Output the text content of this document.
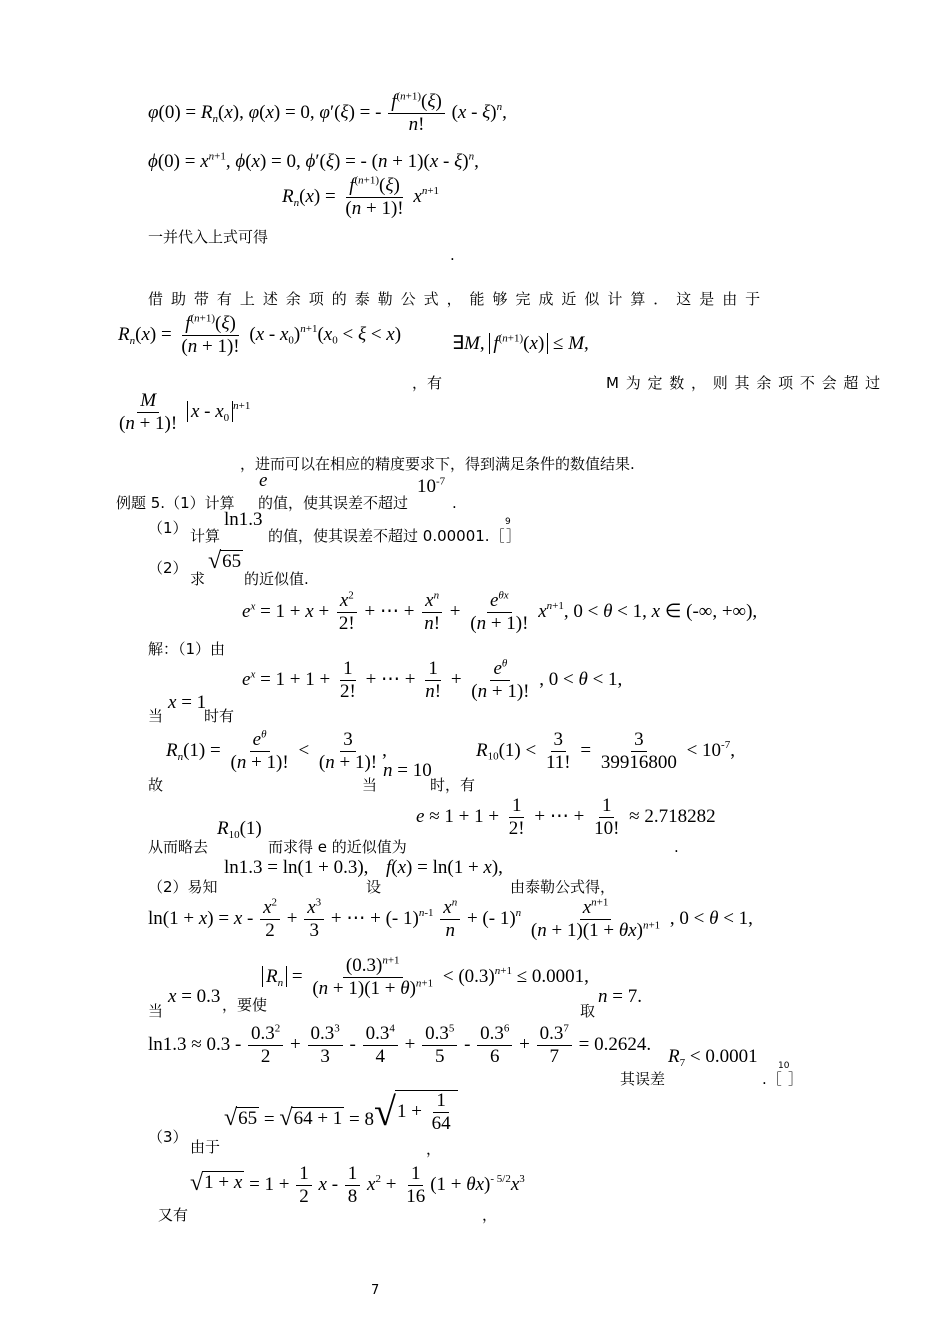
$\varphi(0) = R_n(x)$, φ(x) = 0, φ′(ξ) = - $\frac{f^{(n+1)}(\xi)}{n!} (x - \xi)^n$,
$\phi(0) = x^{n+1}$, ϕ(x) = 0, ϕ′(ξ) = - (n + 1)(x - ξ)$^n$,
$R_n(x) = \frac{f^{(n+1)}(\xi)}{(n + 1)!} x^{n+1}$
一并代入上式可得
.
借 助 带 有 上 述 余 项 的 泰 勒 公 式 ， 能 够 完 成 近 似 计 算 ． 这 是 由 于
$R_n(x) = \frac{f^{(n+1)}(\xi)}{(n + 1)!} (x - x_0)^{n+1}(x_0 < \xi < x)$	∃M, $f^{(n+1)}(x) \le M$,
，有	M 为 定 数 ， 则 其 余 项 不 会 超 过
$\frac{M}{(n + 1)!}$ x - $x_0^{n+1}$
，进而可以在相应的精度要求下，得到满足条件的数值结果.
例题 5.（1）计算
e
的值，使其误差不超过
$10^{-7}$
.
（1） ln1.3
计算	的值，使其误差不超过 0.00001.［
9
］
（2） √ 65
求	的近似值.
$e^x = 1 + x + \frac{x^2}{2!}$ + ⋯ + $\frac{x^n}{n!} + \frac{e^{\theta x}}{(n + 1)!} x^{n+1}$, 0 < θ < 1, x ∈ (-∞, +∞),
解：（1）由
$e^x = 1 + 1 + \frac{1}{2!}$ + ⋯ + $\frac{1}{n!} + \frac{e^\theta}{(n + 1)!}$ , 0 < θ < 1,
x = 1
当	时有
$R_n(1) = \frac{e^\theta}{(n + 1)!} < \frac{3}{(n + 1)!}$ ,	$R_{10}(1) < \frac{3}{11!} = \frac{3}{39916800} < 10^{-7}$,
故
n = 10
当	时，有
$e \approx 1 + 1 + \frac{1}{2!}$ + ⋯ + $\frac{1}{10!} \approx 2.718282$
$R_{10}(1)$
从而略去	而求得 e 的近似值为	.
ln1.3 = ln(1 + 0.3), f(x) = ln(1 + x),
（2）易知	设	由泰勒公式得，
$\ln(1 + x) = x - \frac{x^2}{2} + \frac{x^3}{3}$ + ⋯ + (- $1)^{n-1} \frac{x^n}{n}$ + (- $1)^n \frac{x^{n+1}}{(n + 1)(1 + \theta x)^{n+1}}$ , 0 < θ < 1,
$R_n = \frac{(0.3)^{n+1}}{(n + 1)(1 + \theta)^{n+1}} < (0.3)^{n+1} \le 0.0001$,
x = 0.3
当	，要使	n = 7.
取
$\ln 1.3 \approx 0.3 - \frac{0.3^2}{2} + \frac{0.3^3}{3} - \frac{0.3^4}{4} + \frac{0.3^5}{5} - \frac{0.3^6}{6} + \frac{0.3^7}{7} = 0.2624$.
$R_7 < 0.0001$
其误差
10
.［ ］
√ 65 = √ 64 + 1 = 8 √ $1 + \frac{1}{64}$
（3）
由于	，
√ $1 + x = 1 + \frac{1}{2}$ $x - \frac{1}{8} x^2 + \frac{1}{16} (1 + \theta x)^{- 5/2}x^3$
又有	，
7
